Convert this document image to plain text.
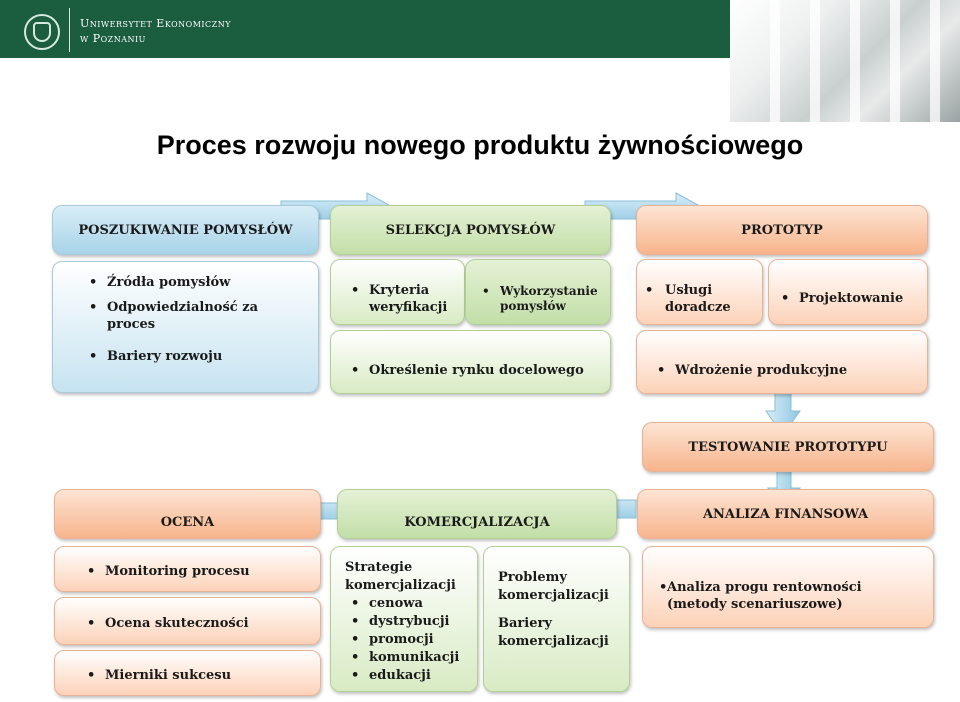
Uniwersytet Ekonomiczny
w Poznaniu
Proces rozwoju nowego produktu żywnościowego
POSZUKIWANIE POMYSŁÓW
• Źródła pomysłów
• Odpowiedzialność za proces
• Bariery rozwoju
SELEKCJA POMYSŁÓW
• Kryteria weryfikacji
• Wykorzystanie pomysłów
• Określenie rynku docelowego
PROTOTYP
• Usługi doradcze
• Projektowanie
• Wdrożenie produkcyjne
TESTOWANIE PROTOTYPU
ANALIZA FINANSOWA
• Analiza progu rentowności
(metody scenariuszowe)
KOMERCJALIZACJA
Strategie komercjalizacji
• cenowa
• dystrybucji
• promocji
• komunikacji
• edukacji
Problemy komercjalizacji
Bariery komercjalizacji
OCENA
• Monitoring procesu
• Ocena skuteczności
• Mierniki sukcesu
